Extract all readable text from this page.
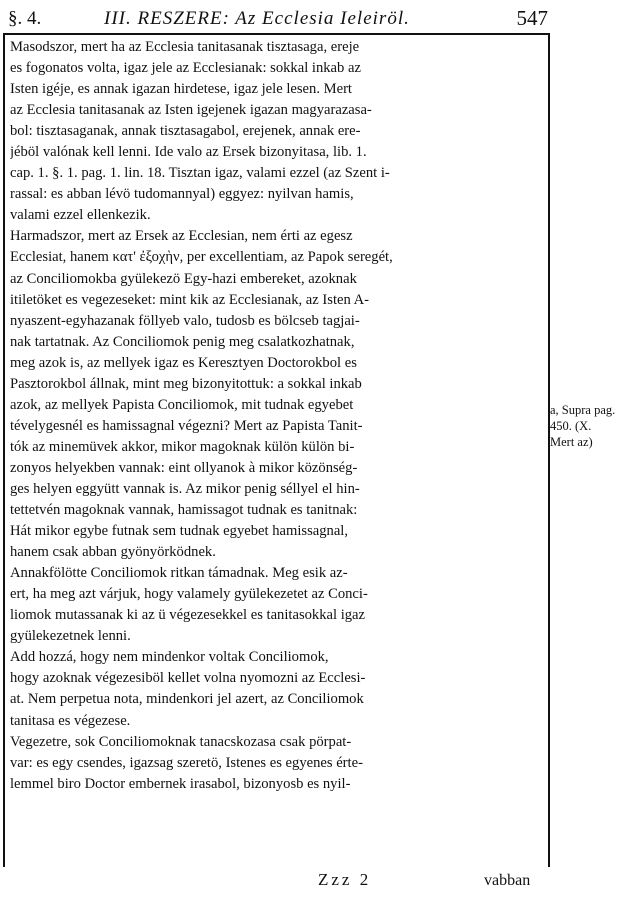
§. 4.	III. RESZERE: Az Ecclesia Ieleiröl.	547
Masodszor, mert ha az Ecclesia tanitasanak tisztasaga, ereje
es fogonatos volta, igaz jele az Ecclesianak: sokkal inkab az
Isten igéje, es annak igazan hirdetese, igaz jele lesen. Mert
az Ecclesia tanitasanak az Isten igejenek igazan magyarazasa-
bol: tisztasaganak, annak tisztasagabol, erejenek, annak ere-
jéböl valónak kell lenni. Ide valo az Ersek bizonyitasa, lib. 1.
cap. 1. §. 1. pag. 1. lin. 18. Tisztan igaz, valami ezzel (az Szent i-
rassal: es abban lévö tudomannyal) eggyez: nyilvan hamis,
valami ezzel ellenkezik.
Harmadszor, mert az Ersek az Ecclesian, nem érti az egesz
Ecclesiat, hanem κατ' ἐξοχὴν, per excellentiam, az Papok seregét,
az Conciliomokba gyülekezö Egy-hazi embereket, azoknak
itiletöket es vegezeseket: mint kik az Ecclesianak, az Isten A-
nyaszent-egyhazanak föllyeb valo, tudosb es bölcseb tagjai-
nak tartatnak. Az Conciliomok penig meg csalatkozhatnak,
meg azok is, az mellyek igaz es Keresztyen Doctorokbol es
Pasztorokbol állnak, mint meg bizonyitottuk: a sokkal inkab
azok, az mellyek Papista Conciliomok, mit tudnak egyebet
tévelygesnél es hamissagnal végezni? Mert az Papista Tanit-
tók az minemüvek akkor, mikor magoknak külön külön bi-
zonyos helyekben vannak: eint ollyanok à mikor közönség-
ges helyen eggyütt vannak is. Az mikor penig séllyel el hin-
tettetvén magoknak vannak, hamissagot tudnak es tanitnak:
Hát mikor egybe futnak sem tudnak egyebet hamissagnal,
hanem csak abban gyönyörködnek.
Annakfölötte Conciliomok ritkan támadnak. Meg esik az-
ert, ha meg azt várjuk, hogy valamely gyülekezetet az Conci-
liomok mutassanak ki az ü végezesekkel es tanitasokkal igaz
gyülekezetnek lenni.
Add hozzá, hogy nem mindenkor voltak Conciliomok,
hogy azoknak végezesiböl kellet volna nyomozni az Ecclesi-
at. Nem perpetua nota, mindenkori jel azert, az Conciliomok
tanitasa es végezese.
Vegezetre, sok Conciliomoknak tanacskozasa csak pörpat-
var: es egy csendes, igazsag szeretö, Istenes es egyenes érte-
lemmel biro Doctor embernek irasabol, bizonyosb es nyil-
a, Supra pag.
450. (X.
Mert az)
Zzz 2	vabban
